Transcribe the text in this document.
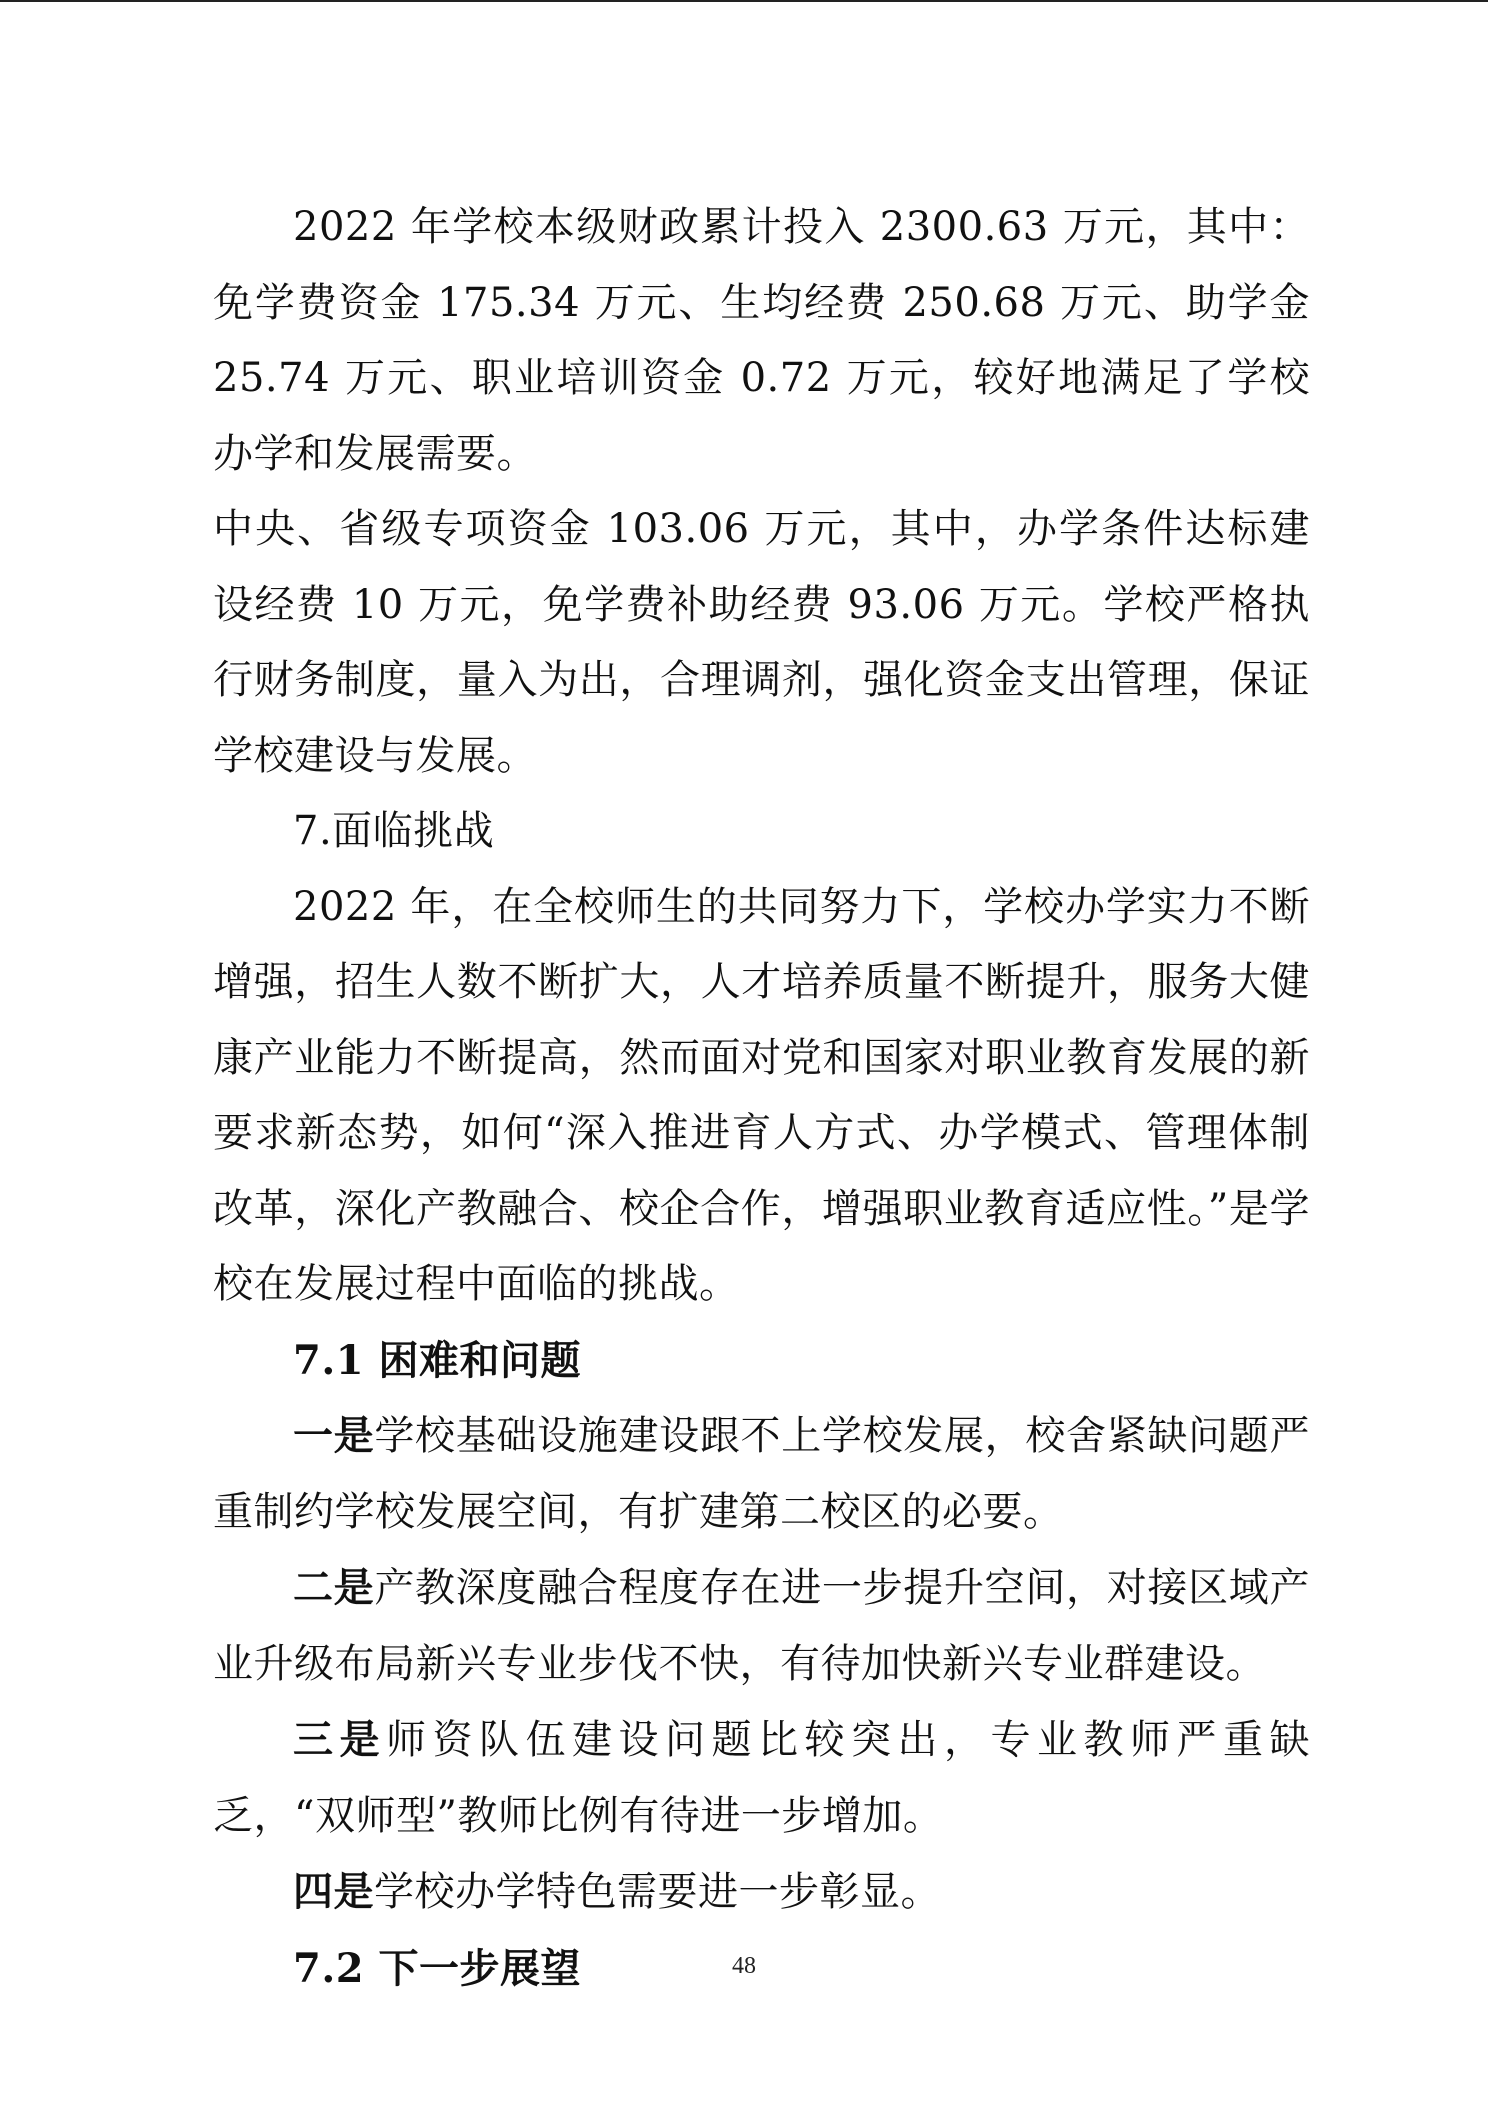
2022 年学校本级财政累计投入 2300.63 万元，其中：免学费资金 175.34 万元、生均经费 250.68 万元、助学金 25.74 万元、职业培训资金 0.72 万元，较好地满足了学校办学和发展需要。

中央、省级专项资金 103.06 万元，其中，办学条件达标建设经费 10 万元，免学费补助经费 93.06 万元。学校严格执行财务制度，量入为出，合理调剂，强化资金支出管理，保证学校建设与发展。

7.面临挑战

2022 年，在全校师生的共同努力下，学校办学实力不断增强，招生人数不断扩大，人才培养质量不断提升，服务大健康产业能力不断提高，然而面对党和国家对职业教育发展的新要求新态势，如何“深入推进育人方式、办学模式、管理体制改革，深化产教融合、校企合作，增强职业教育适应性。”是学校在发展过程中面临的挑战。

7.1 困难和问题

一是学校基础设施建设跟不上学校发展，校舍紧缺问题严重制约学校发展空间，有扩建第二校区的必要。

二是产教深度融合程度存在进一步提升空间，对接区域产业升级布局新兴专业步伐不快，有待加快新兴专业群建设。

三是师资队伍建设问题比较突出，专业教师严重缺乏，“双师型”教师比例有待进一步增加。

四是学校办学特色需要进一步彰显。

7.2 下一步展望	48
